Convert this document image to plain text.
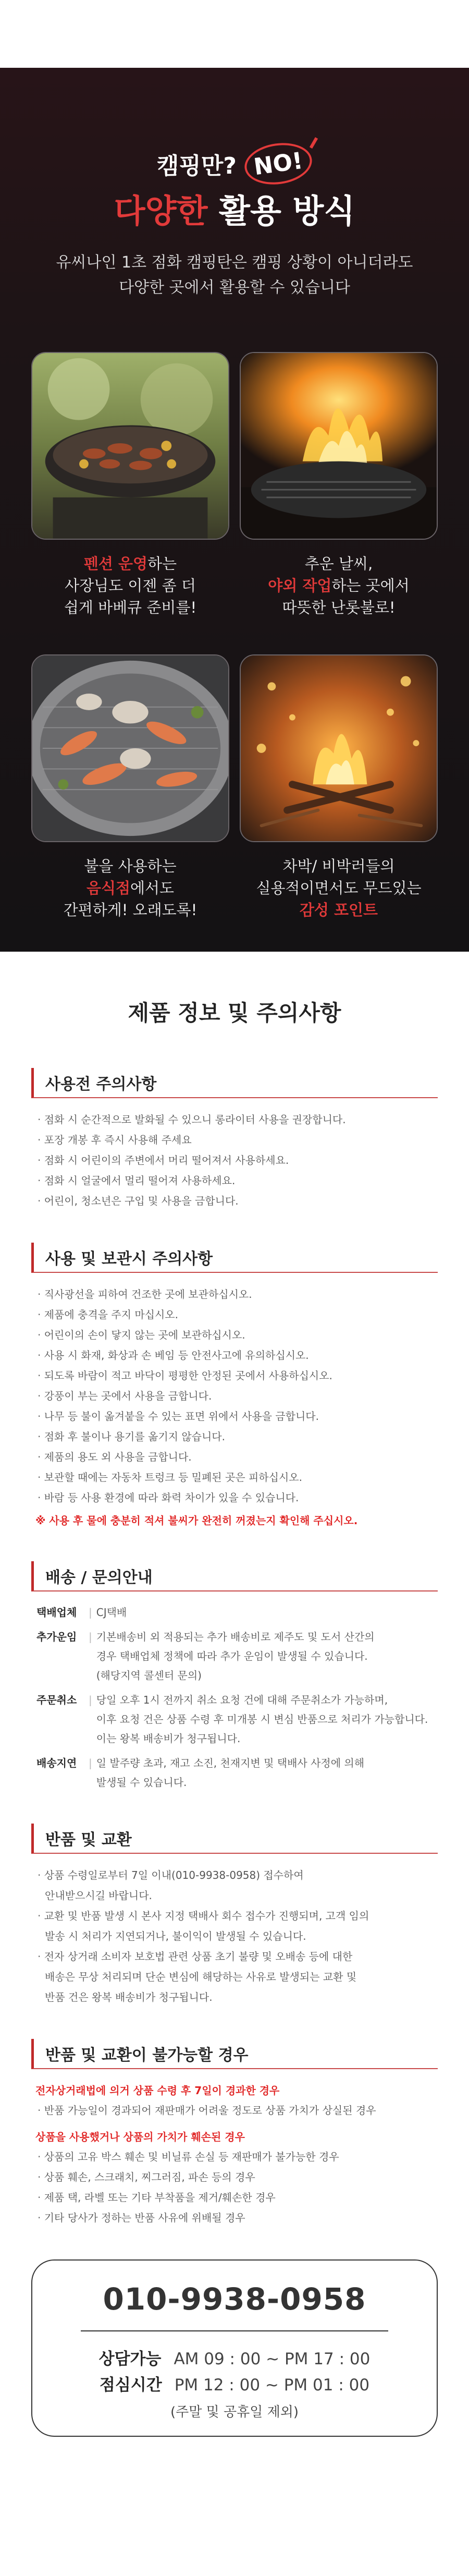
캠핑만? NO!
다양한 활용 방식
유씨나인 1초 점화 캠핑탄은 캠핑 상황이 아니더라도
다양한 곳에서 활용할 수 있습니다
펜션 운영하는
사장님도 이젠 좀 더
쉽게 바베큐 준비를!
추운 날씨,
야외 작업하는 곳에서
따뜻한 난롯불로!
불을 사용하는
음식점에서도
간편하게! 오래도록!
차박/ 비박러들의
실용적이면서도 무드있는
감성 포인트
제품 정보 및 주의사항
사용전 주의사항
· 점화 시 순간적으로 발화될 수 있으니 롱라이터 사용을 권장합니다.
· 포장 개봉 후 즉시 사용해 주세요
· 점화 시 어린이의 주변에서 머리 떨어져서 사용하세요.
· 점화 시 얼굴에서 멀리 떨어져 사용하세요.
· 어린이, 청소년은 구입 및 사용을 금합니다.
사용 및 보관시 주의사항
· 직사광선을 피하여 건조한 곳에 보관하십시오.
· 제품에 충격을 주지 마십시오.
· 어린이의 손이 닿지 않는 곳에 보관하십시오.
· 사용 시 화재, 화상과 손 베임 등 안전사고에 유의하십시오.
· 되도록 바람이 적고 바닥이 평평한 안정된 곳에서 사용하십시오.
· 강풍이 부는 곳에서 사용을 금합니다.
· 나무 등 불이 옮겨붙을 수 있는 표면 위에서 사용을 금합니다.
· 점화 후 불이나 용기를 옮기지 않습니다.
· 제품의 용도 외 사용을 금합니다.
· 보관할 때에는 자동차 트렁크 등 밀폐된 곳은 피하십시오.
· 바람 등 사용 환경에 따라 화력 차이가 있을 수 있습니다.
※ 사용 후 물에 충분히 적셔 불씨가 완전히 꺼졌는지 확인해 주십시오.
배송 / 문의안내
택배업체	| CJ택배
추가운임	| 기본배송비 외 적용되는 추가 배송비로 제주도 및 도서 산간의
경우 택배업체 정책에 따라 추가 운임이 발생될 수 있습니다.
(해당지역 콜센터 문의)
주문취소	| 당일 오후 1시 전까지 취소 요청 건에 대해 주문취소가 가능하며,
이후 요청 건은 상품 수령 후 미개봉 시 변심 반품으로 처리가 가능합니다.
이는 왕복 배송비가 청구됩니다.
배송지연	| 일 발주량 초과, 재고 소진, 천재지변 및 택배사 사정에 의해
발생될 수 있습니다.
반품 및 교환
· 상품 수령일로부터 7일 이내(010-9938-0958) 접수하여
안내받으시길 바랍니다.
· 교환 및 반품 발생 시 본사 지정 택배사 회수 접수가 진행되며, 고객 임의
발송 시 처리가 지연되거나, 불이익이 발생될 수 있습니다.
· 전자 상거래 소비자 보호법 관련 상품 초기 불량 및 오배송 등에 대한
배송은 무상 처리되며 단순 변심에 해당하는 사유로 발생되는 교환 및
반품 건은 왕복 배송비가 청구됩니다.
반품 및 교환이 불가능할 경우
전자상거래법에 의거 상품 수령 후 7일이 경과한 경우
· 반품 가능일이 경과되어 재판매가 어려울 정도로 상품 가치가 상실된 경우
상품을 사용했거나 상품의 가치가 훼손된 경우
· 상품의 고유 박스 훼손 및 비닐류 손실 등 재판매가 불가능한 경우
· 상품 훼손, 스크래치, 찌그러짐, 파손 등의 경우
· 제품 택, 라벨 또는 기타 부착품을 제거/훼손한 경우
· 기타 당사가 정하는 반품 사유에 위배될 경우
010-9938-0958
상담가능 AM 09 : 00 ~ PM 17 : 00
점심시간 PM 12 : 00 ~ PM 01 : 00
(주말 및 공휴일 제외)
